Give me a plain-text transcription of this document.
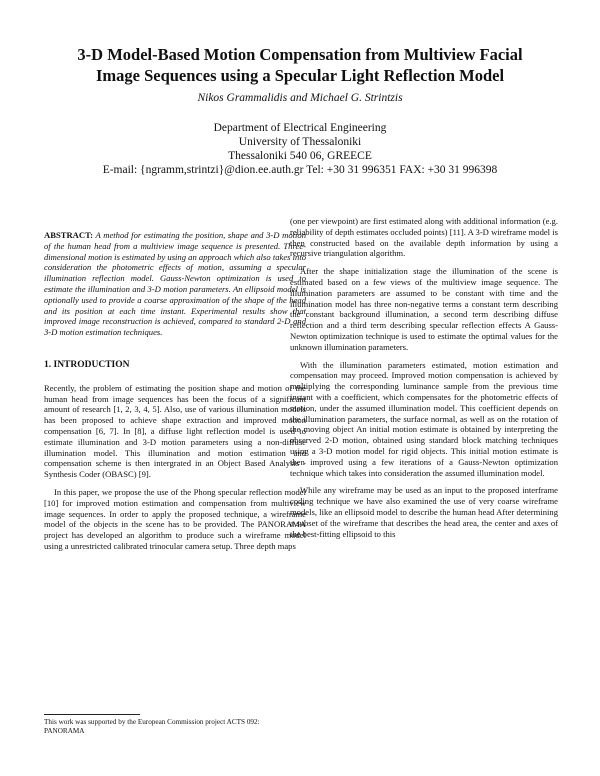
3-D Model-Based Motion Compensation from Multiview Facial
Image Sequences using a Specular Light Reflection Model
Nikos Grammalidis and Michael G. Strintzis
Department of Electrical Engineering
University of Thessaloniki
Thessaloniki 540 06, GREECE
E-mail: {ngramm,strintzi}@dion.ee.auth.gr Tel: +30 31 996351 FAX: +30 31 996398
ABSTRACT: A method for estimating the position, shape and 3-D motion of the human head from a multiview image sequence is presented. Three-dimensional motion is estimated by using an approach which also takes into consideration the photometric effects of motion, assuming a specular illumination reflection model. Gauss-Newton optimization is used to estimate the illumination and 3-D motion parameters. An ellipsoid model is optionally used to provide a coarse approximation of the shape of the head and its position at each time instant. Experimental results show that improved image reconstruction is achieved, compared to standard 2-D and 3-D motion estimation techniques.
1. INTRODUCTION

Recently, the problem of estimating the position shape and motion of the human head from image sequences has been the focus of a significant amount of research [1, 2, 3, 4, 5]. Also, use of various illumination models has been proposed to achieve shape extraction and improved motion compensation [6, 7]. In [8], a diffuse light reflection model is used to estimate illumination and 3-D motion parameters using a non-diffuse illumination model. This illumination and motion estimation and compensation scheme is then intergrated in an Object Based Analysis - Synthesis Coder (OBASC) [9].

In this paper, we propose the use of the Phong specular reflection model [10] for improved motion estimation and compensation from multiview image sequences. In order to apply the proposed technique, a wireframe model of the objects in the scene has to be provided. The PANORAMA project has developed an algorithm to produce such a wireframe model using a unrestricted calibrated trinocular camera setup. Three depth maps

(one per viewpoint) are first estimated along with additional information (e.g. reliability of depth estimates occluded points) [11]. A 3-D wireframe model is then constructed based on the available depth information by using a recursive triangulation algorithm.

After the shape initialization stage the illumination of the scene is estimated based on a few views of the multiview image sequence. The illumination parameters are assumed to be constant with time and the illumination model has three non-negative terms a constant term describing the constant background illumination, a second term describing diffuse reflection and a third term describing specular reflection effects A Gauss-Newton optimization technique is used to estimate the optimal values for the unknown illumination parameters.

With the illumination parameters estimated, motion estimation and compensation may proceed. Improved motion compensation is achieved by multiplying the corresponding luminance sample from the previous time instant with a coefficient, which compensates for the photometric effects of motion, under the assumed illumination model. This coefficient depends on the illumination parameters, the surface normal, as well as on the rotation of the moving object An initial motion estimate is obtained by interpreting the observed 2-D motion, obtained using standard block matching techniques using a 3-D motion model for rigid objects. This initial motion estimate is then improved using a few iterations of a Gauss-Newton optimization technique which takes into consideration the assumed illumination model.

While any wireframe may be used as an input to the proposed interframe coding technique we have also examined the use of very coarse wireframe models, like an ellipsoid model to describe the human head After determining a subset of the wireframe that describes the head area, the center and axes of the best-fitting ellipsoid to this

This work was supported by the European Commission project ACTS 092: PANORAMA
